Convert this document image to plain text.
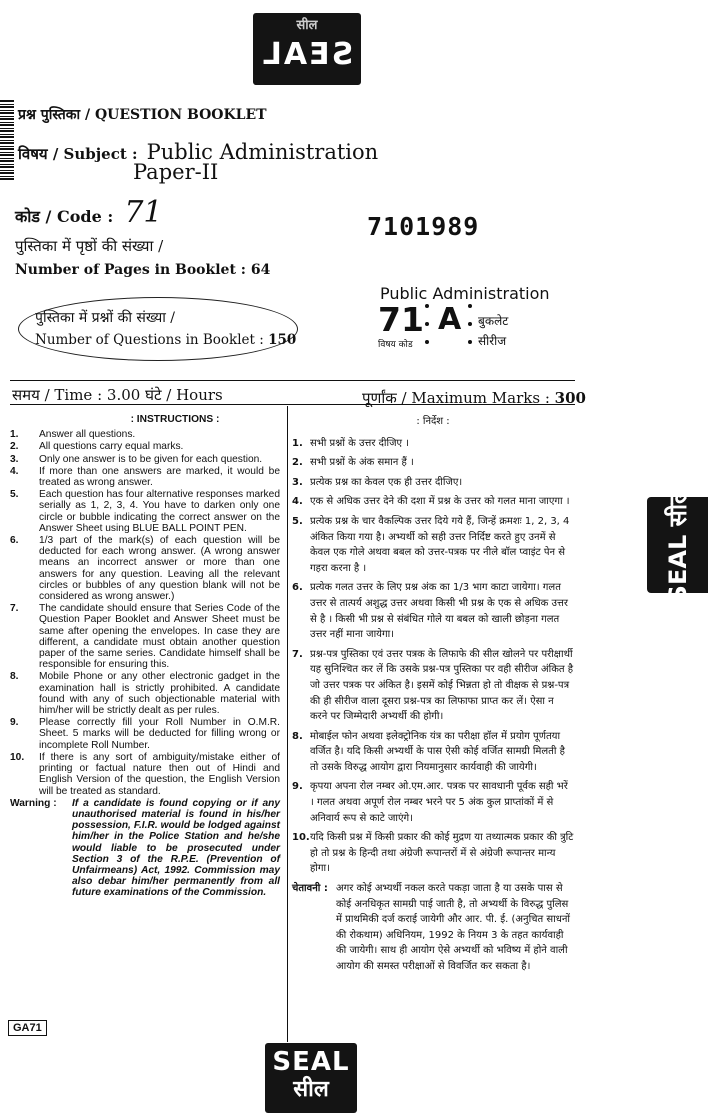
सील
SEAL
प्रश्न पुस्तिका / QUESTION BOOKLET
विषय / Subject : Public Administration
Paper-II
कोड / Code : 71	7101989
पुस्तिका में पृष्ठों की संख्या /
Number of Pages in Booklet : 64
पुस्तिका में प्रश्नों की संख्या /
Number of Questions in Booklet : 150
Public Administration
71 A बुकलेट
सीरीज
विषय कोड
समय / Time : 3.00 घंटे / Hours	पूर्णांक / Maximum Marks : 300
: INSTRUCTIONS :
1.	Answer all questions.
2.	All questions carry equal marks.
3.	Only one answer is to be given for each question.
4.	If more than one answers are marked, it would be treated as wrong answer.
5.	Each question has four alternative responses marked serially as 1, 2, 3, 4. You have to darken only one circle or bubble indicating the correct answer on the Answer Sheet using BLUE BALL POINT PEN.
6.	1/3 part of the mark(s) of each question will be deducted for each wrong answer. (A wrong answer means an incorrect answer or more than one answers for any question. Leaving all the relevant circles or bubbles of any question blank will not be considered as wrong answer.)
7.	The candidate should ensure that Series Code of the Question Paper Booklet and Answer Sheet must be same after opening the envelopes. In case they are different, a candidate must obtain another question paper of the same series. Candidate himself shall be responsible for ensuring this.
8.	Mobile Phone or any other electronic gadget in the examination hall is strictly prohibited. A candidate found with any of such objectionable material with him/her will be strictly dealt as per rules.
9.	Please correctly fill your Roll Number in O.M.R. Sheet. 5 marks will be deducted for filling wrong or incomplete Roll Number.
10.	If there is any sort of ambiguity/mistake either of printing or factual nature then out of Hindi and English Version of the question, the English Version will be treated as standard.
Warning :	If a candidate is found copying or if any unauthorised material is found in his/her possession, F.I.R. would be lodged against him/her in the Police Station and he/she would liable to be prosecuted under Section 3 of the R.P.E. (Prevention of Unfairmeans) Act, 1992. Commission may also debar him/her permanently from all future examinations of the Commission.
: निर्देश :
1. सभी प्रश्नों के उत्तर दीजिए ।
2. सभी प्रश्नों के अंक समान हैं ।
3. प्रत्येक प्रश्न का केवल एक ही उत्तर दीजिए।
4. एक से अधिक उत्तर देने की दशा में प्रश्न के उत्तर को गलत माना जाएगा ।
5. प्रत्येक प्रश्न के चार वैकल्पिक उत्तर दिये गये हैं, जिन्हें क्रमशः 1, 2, 3, 4 अंकित किया गया है। अभ्यर्थी को सही उत्तर निर्दिष्ट करते हुए उनमें से केवल एक गोले अथवा बबल को उत्तर-पत्रक पर नीले बॉल प्वाइंट पेन से गहरा करना है ।
6. प्रत्येक गलत उत्तर के लिए प्रश्न अंक का 1/3 भाग काटा जायेगा। गलत उत्तर से तात्पर्य अशुद्ध उत्तर अथवा किसी भी प्रश्न के एक से अधिक उत्तर से है । किसी भी प्रश्न से संबंधित गोले या बबल को खाली छोड़ना गलत उत्तर नहीं माना जायेगा।
7. प्रश्न-पत्र पुस्तिका एवं उत्तर पत्रक के लिफाफे की सील खोलने पर परीक्षार्थी यह सुनिश्चित कर लें कि उसके प्रश्न-पत्र पुस्तिका पर वही सीरीज अंकित है जो उत्तर पत्रक पर अंकित है। इसमें कोई भिन्नता हो तो वीक्षक से प्रश्न-पत्र की ही सीरीज वाला दूसरा प्रश्न-पत्र का लिफाफा प्राप्त कर लें। ऐसा न करने पर जिम्मेदारी अभ्यर्थी की होगी।
8. मोबाईल फोन अथवा इलेक्ट्रोनिक यंत्र का परीक्षा हॉल में प्रयोग पूर्णतया वर्जित है। यदि किसी अभ्यर्थी के पास ऐसी कोई वर्जित सामग्री मिलती है तो उसके विरुद्ध आयोग द्वारा नियमानुसार कार्यवाही की जायेगी।
9. कृपया अपना रोल नम्बर ओ.एम.आर. पत्रक पर सावधानी पूर्वक सही भरें । गलत अथवा अपूर्ण रोल नम्बर भरने पर 5 अंक कुल प्राप्तांकों में से अनिवार्य रूप से काटे जाएंगे।
10. यदि किसी प्रश्न में किसी प्रकार की कोई मुद्रण या तथ्यात्मक प्रकार की त्रुटि हो तो प्रश्न के हिन्दी तथा अंग्रेजी रूपान्तरों में से अंग्रेजी रूपान्तर मान्य होगा।
चेतावनी : अगर कोई अभ्यर्थी नकल करते पकड़ा जाता है या उसके पास से कोई अनधिकृत सामग्री पाई जाती है, तो अभ्यर्थी के विरुद्ध पुलिस में प्राथमिकी दर्ज कराई जायेगी और आर. पी. ई. (अनुचित साधनों की रोकथाम) अधिनियम, 1992 के नियम 3 के तहत कार्यवाही की जायेगी। साथ ही आयोग ऐसे अभ्यर्थी को भविष्य में होने वाली आयोग की समस्त परीक्षाओं से विवर्जित कर सकता है।
GA71
SEAL सील
SEAL
सील
